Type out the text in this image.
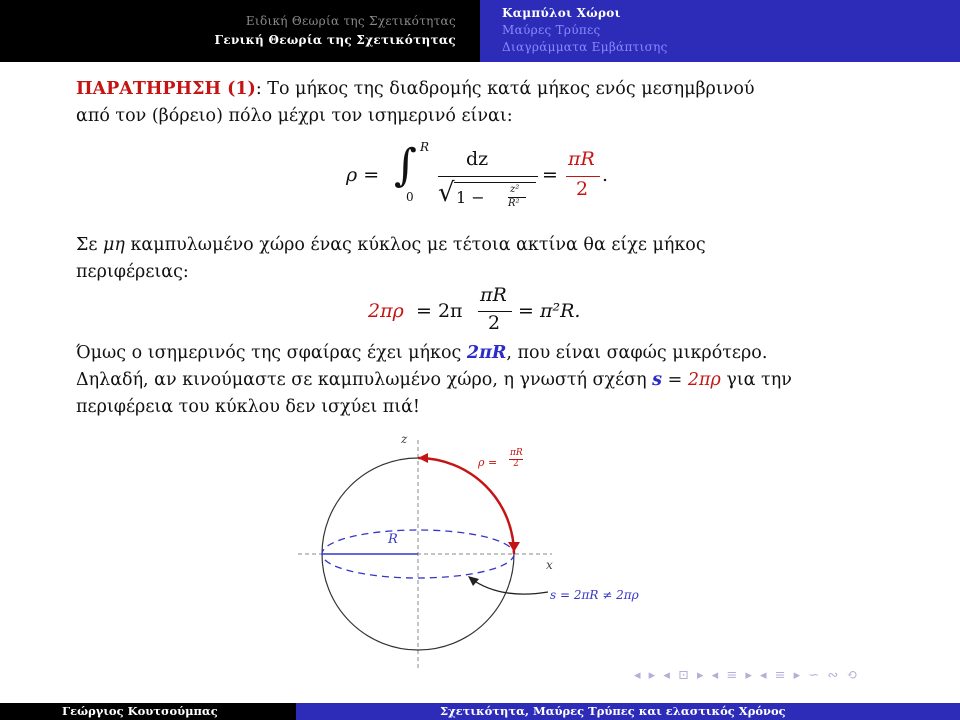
Ειδική Θεωρία της Σχετικότητας
Γενική Θεωρία της Σχετικότητας
Καμπύλοι Χώροι
Μαύρες Τρύπες
Διαγράμματα Εμβάπτισης
ΠΑΡΑΤΗΡΗΣΗ (1): Το μήκος της διαδρομής κατά μήκος ενός μεσημβρινού
από τον (βόρειο) πόλο μέχρι τον ισημερινό είναι:
ρ = ∫ R
0
dz
√ 1 −	z²
R²
=
πR
2
.
Σε μη καμπυλωμένο χώρο ένας κύκλος με τέτοια ακτίνα θα είχε μήκος
περιφέρειας:
2πρ = 2π
πR
2
= π²R.
Όμως ο ισημερινός της σφαίρας έχει μήκος 2πR, που είναι σαφώς μικρότερο.
Δηλαδή, αν κινούμαστε σε καμπυλωμένο χώρο, η γνωστή σχέση s = 2πρ για την
περιφέρεια του κύκλου δεν ισχύει πιά!
z
x
R
ρ =
πR
2
s = 2πR ≠ 2πρ
◂ ▸ ◂ ⊡ ▸ ◂ ≡ ▸ ◂ ≡ ▸ ∽ ∾ ⟲
Γεώργιος Κουτσούμπας	Σχετικότητα, Μαύρες Τρύπες και ελαστικός Χρόνος
